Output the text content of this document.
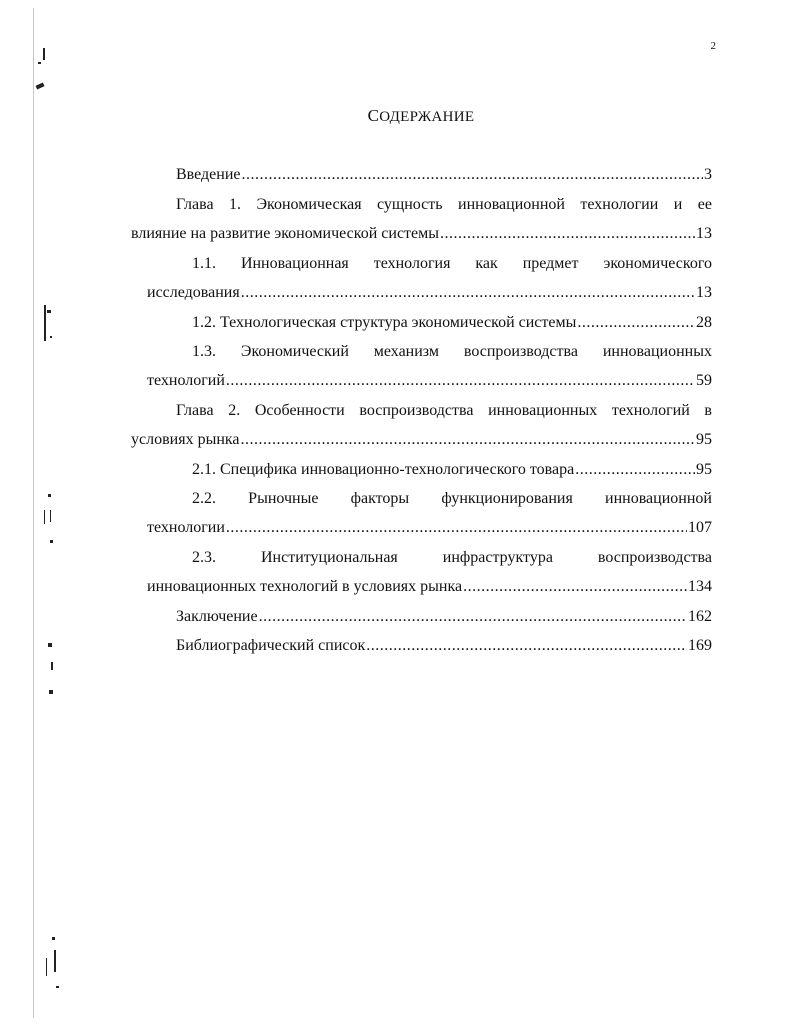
2
СОДЕРЖАНИЕ
Введение .....	3
Глава 1. Экономическая сущность инновационной технологии и ее
влияние на развитие экономической системы .....	13
1.1. Инновационная технология как предмет экономического
исследования .....	13
1.2. Технологическая структура экономической системы .....	28
1.3. Экономический механизм воспроизводства инновационных
технологий .....	59
Глава 2. Особенности воспроизводства инновационных технологий в
условиях рынка .....	95
2.1. Специфика инновационно-технологического товара .....	95
2.2. Рыночные факторы функционирования инновационной
технологии .....	107
2.3.	Институциональная	инфраструктура	воспроизводства
инновационных технологий в условиях рынка .....	134
Заключение .....	162
Библиографический список .....	169
